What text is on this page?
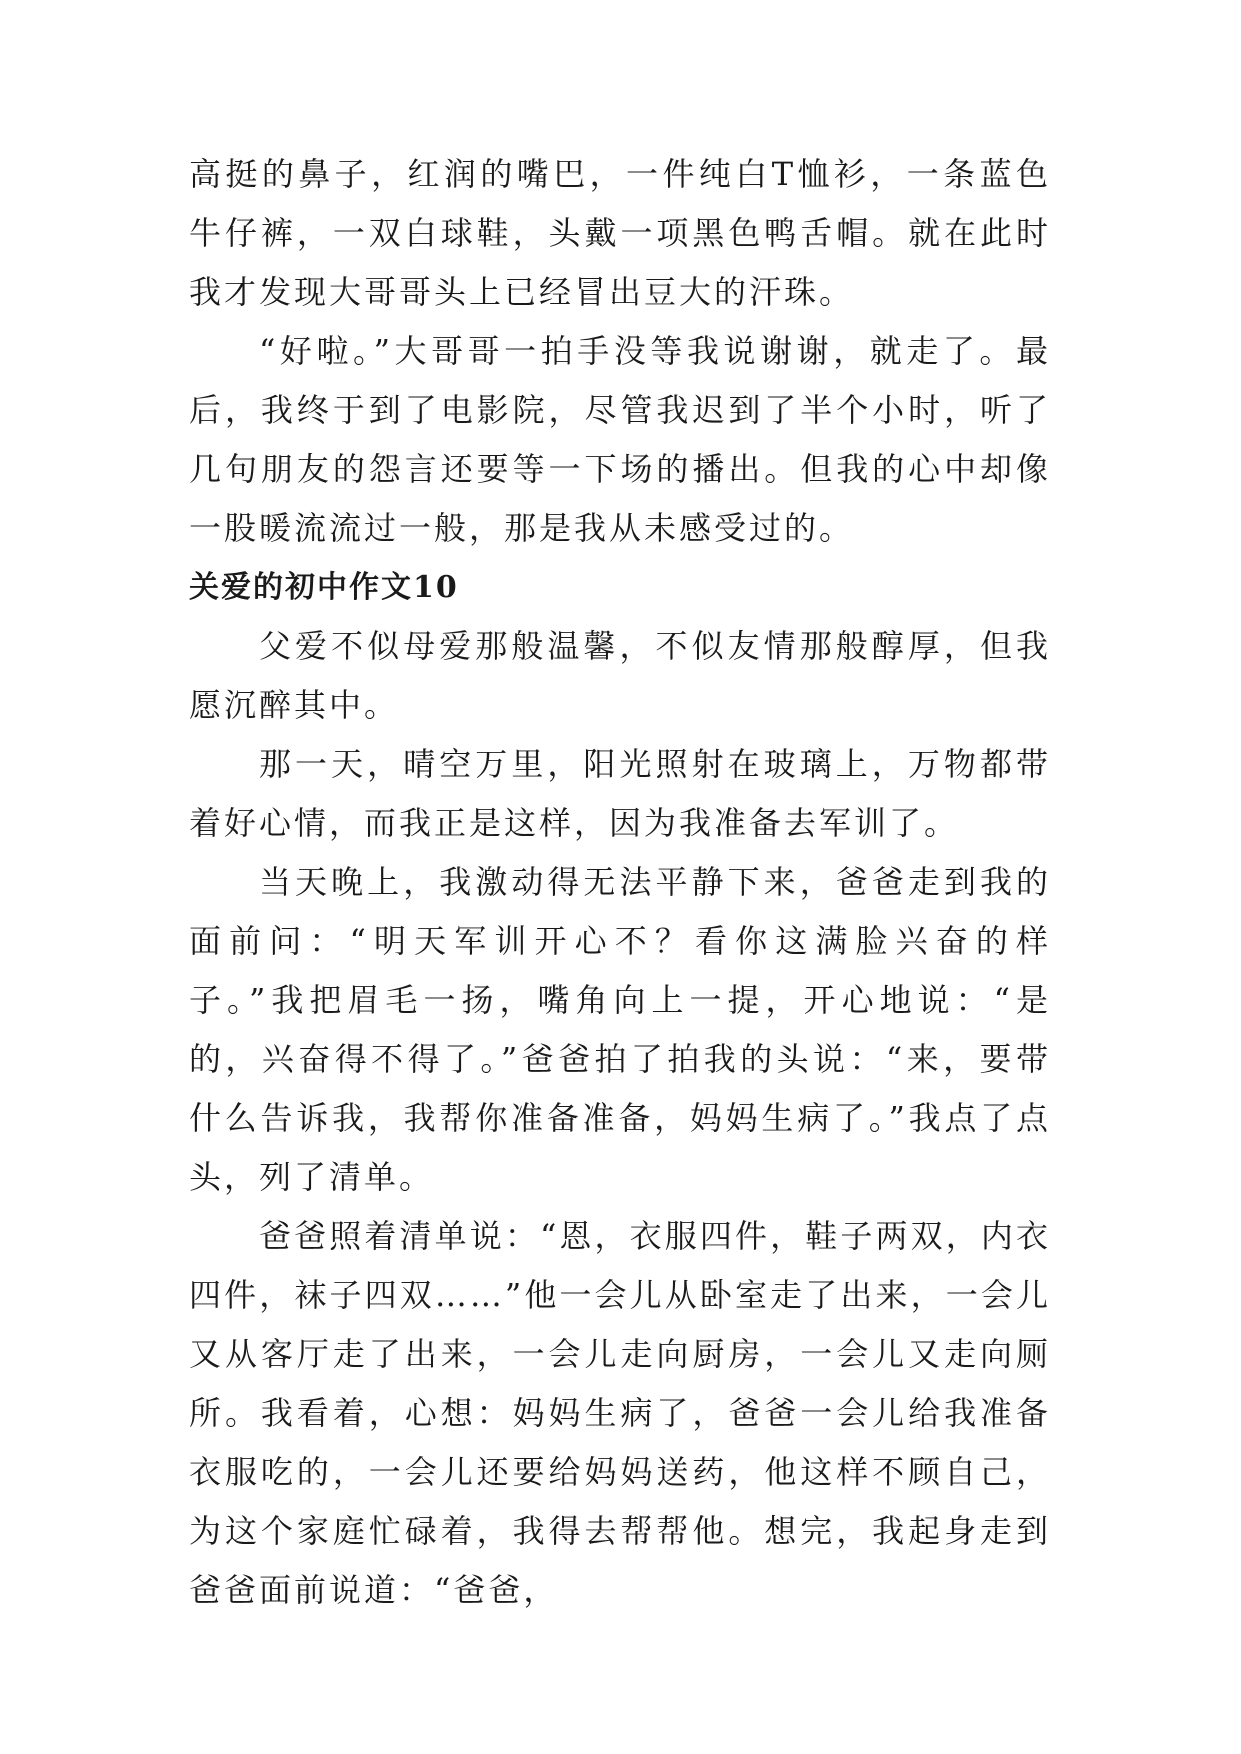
高挺的鼻子，红润的嘴巴，一件纯白T恤衫，一条蓝色牛仔裤，一双白球鞋，头戴一项黑色鸭舌帽。就在此时我才发现大哥哥头上已经冒出豆大的汗珠。

“好啦。”大哥哥一拍手没等我说谢谢，就走了。最后，我终于到了电影院，尽管我迟到了半个小时，听了几句朋友的怨言还要等一下场的播出。但我的心中却像一股暖流流过一般，那是我从未感受过的。

关爱的初中作文10

父爱不似母爱那般温馨，不似友情那般醇厚，但我愿沉醉其中。

那一天，晴空万里，阳光照射在玻璃上，万物都带着好心情，而我正是这样，因为我准备去军训了。

当天晚上，我激动得无法平静下来，爸爸走到我的面前问：“明天军训开心不？看你这满脸兴奋的样子。”我把眉毛一扬，嘴角向上一提，开心地说：“是的，兴奋得不得了。”爸爸拍了拍我的头说：“来，要带什么告诉我，我帮你准备准备，妈妈生病了。”我点了点头，列了清单。

爸爸照着清单说：“恩，衣服四件，鞋子两双，内衣四件，袜子四双……”他一会儿从卧室走了出来，一会儿又从客厅走了出来，一会儿走向厨房，一会儿又走向厕所。我看着，心想：妈妈生病了，爸爸一会儿给我准备衣服吃的，一会儿还要给妈妈送药，他这样不顾自己，为这个家庭忙碌着，我得去帮帮他。想完，我起身走到爸爸面前说道：“爸爸，
